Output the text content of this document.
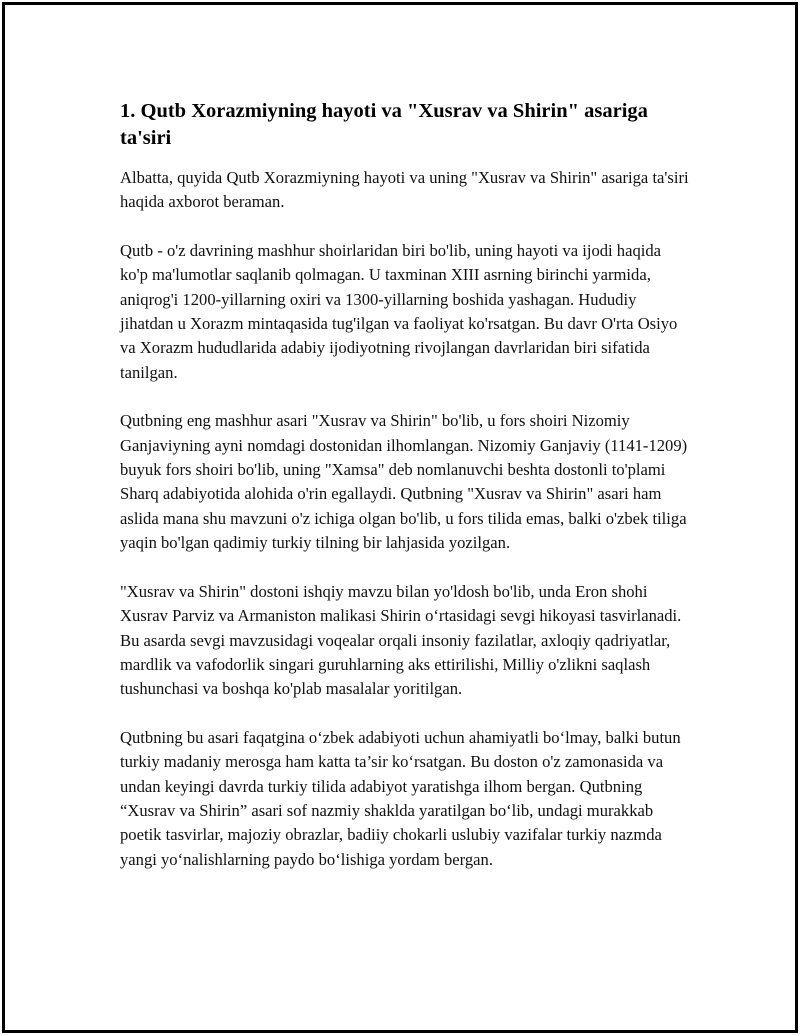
1. Qutb Xorazmiyning hayoti va "Xusrav va Shirin" asariga ta'siri

Albatta, quyida Qutb Xorazmiyning hayoti va uning "Xusrav va Shirin" asariga ta'siri haqida axborot beraman.

Qutb - o'z davrining mashhur shoirlaridan biri bo'lib, uning hayoti va ijodi haqida ko'p ma'lumotlar saqlanib qolmagan. U taxminan XIII asrning birinchi yarmida, aniqrog'i 1200-yillarning oxiri va 1300-yillarning boshida yashagan. Hududiy jihatdan u Xorazm mintaqasida tug'ilgan va faoliyat ko'rsatgan. Bu davr O'rta Osiyo va Xorazm hududlarida adabiy ijodiyotning rivojlangan davrlaridan biri sifatida tanilgan.

Qutbning eng mashhur asari "Xusrav va Shirin" bo'lib, u fors shoiri Nizomiy Ganjaviyning ayni nomdagi dostonidan ilhomlangan. Nizomiy Ganjaviy (1141-1209) buyuk fors shoiri bo'lib, uning "Xamsa" deb nomlanuvchi beshta dostonli to'plami Sharq adabiyotida alohida o'rin egallaydi. Qutbning "Xusrav va Shirin" asari ham aslida mana shu mavzuni o'z ichiga olgan bo'lib, u fors tilida emas, balki o'zbek tiliga yaqin bo'lgan qadimiy turkiy tilning bir lahjasida yozilgan.

"Xusrav va Shirin" dostoni ishqiy mavzu bilan yo'ldosh bo'lib, unda Eron shohi Xusrav Parviz va Armaniston malikasi Shirin o‘rtasidagi sevgi hikoyasi tasvirlanadi. Bu asarda sevgi mavzusidagi voqealar orqali insoniy fazilatlar, axloqiy qadriyatlar, mardlik va vafodorlik singari guruhlarning aks ettirilishi, Milliy o'zlikni saqlash tushunchasi va boshqa ko'plab masalalar yoritilgan.

Qutbning bu asari faqatgina o‘zbek adabiyoti uchun ahamiyatli bo‘lmay, balki butun turkiy madaniy merosga ham katta ta’sir ko‘rsatgan. Bu doston o'z zamonasida va undan keyingi davrda turkiy tilida adabiyot yaratishga ilhom bergan. Qutbning “Xusrav va Shirin” asari sof nazmiy shaklda yaratilgan bo‘lib, undagi murakkab poetik tasvirlar, majoziy obrazlar, badiiy chokarli uslubiy vazifalar turkiy nazmda yangi yo‘nalishlarning paydo bo‘lishiga yordam bergan.
